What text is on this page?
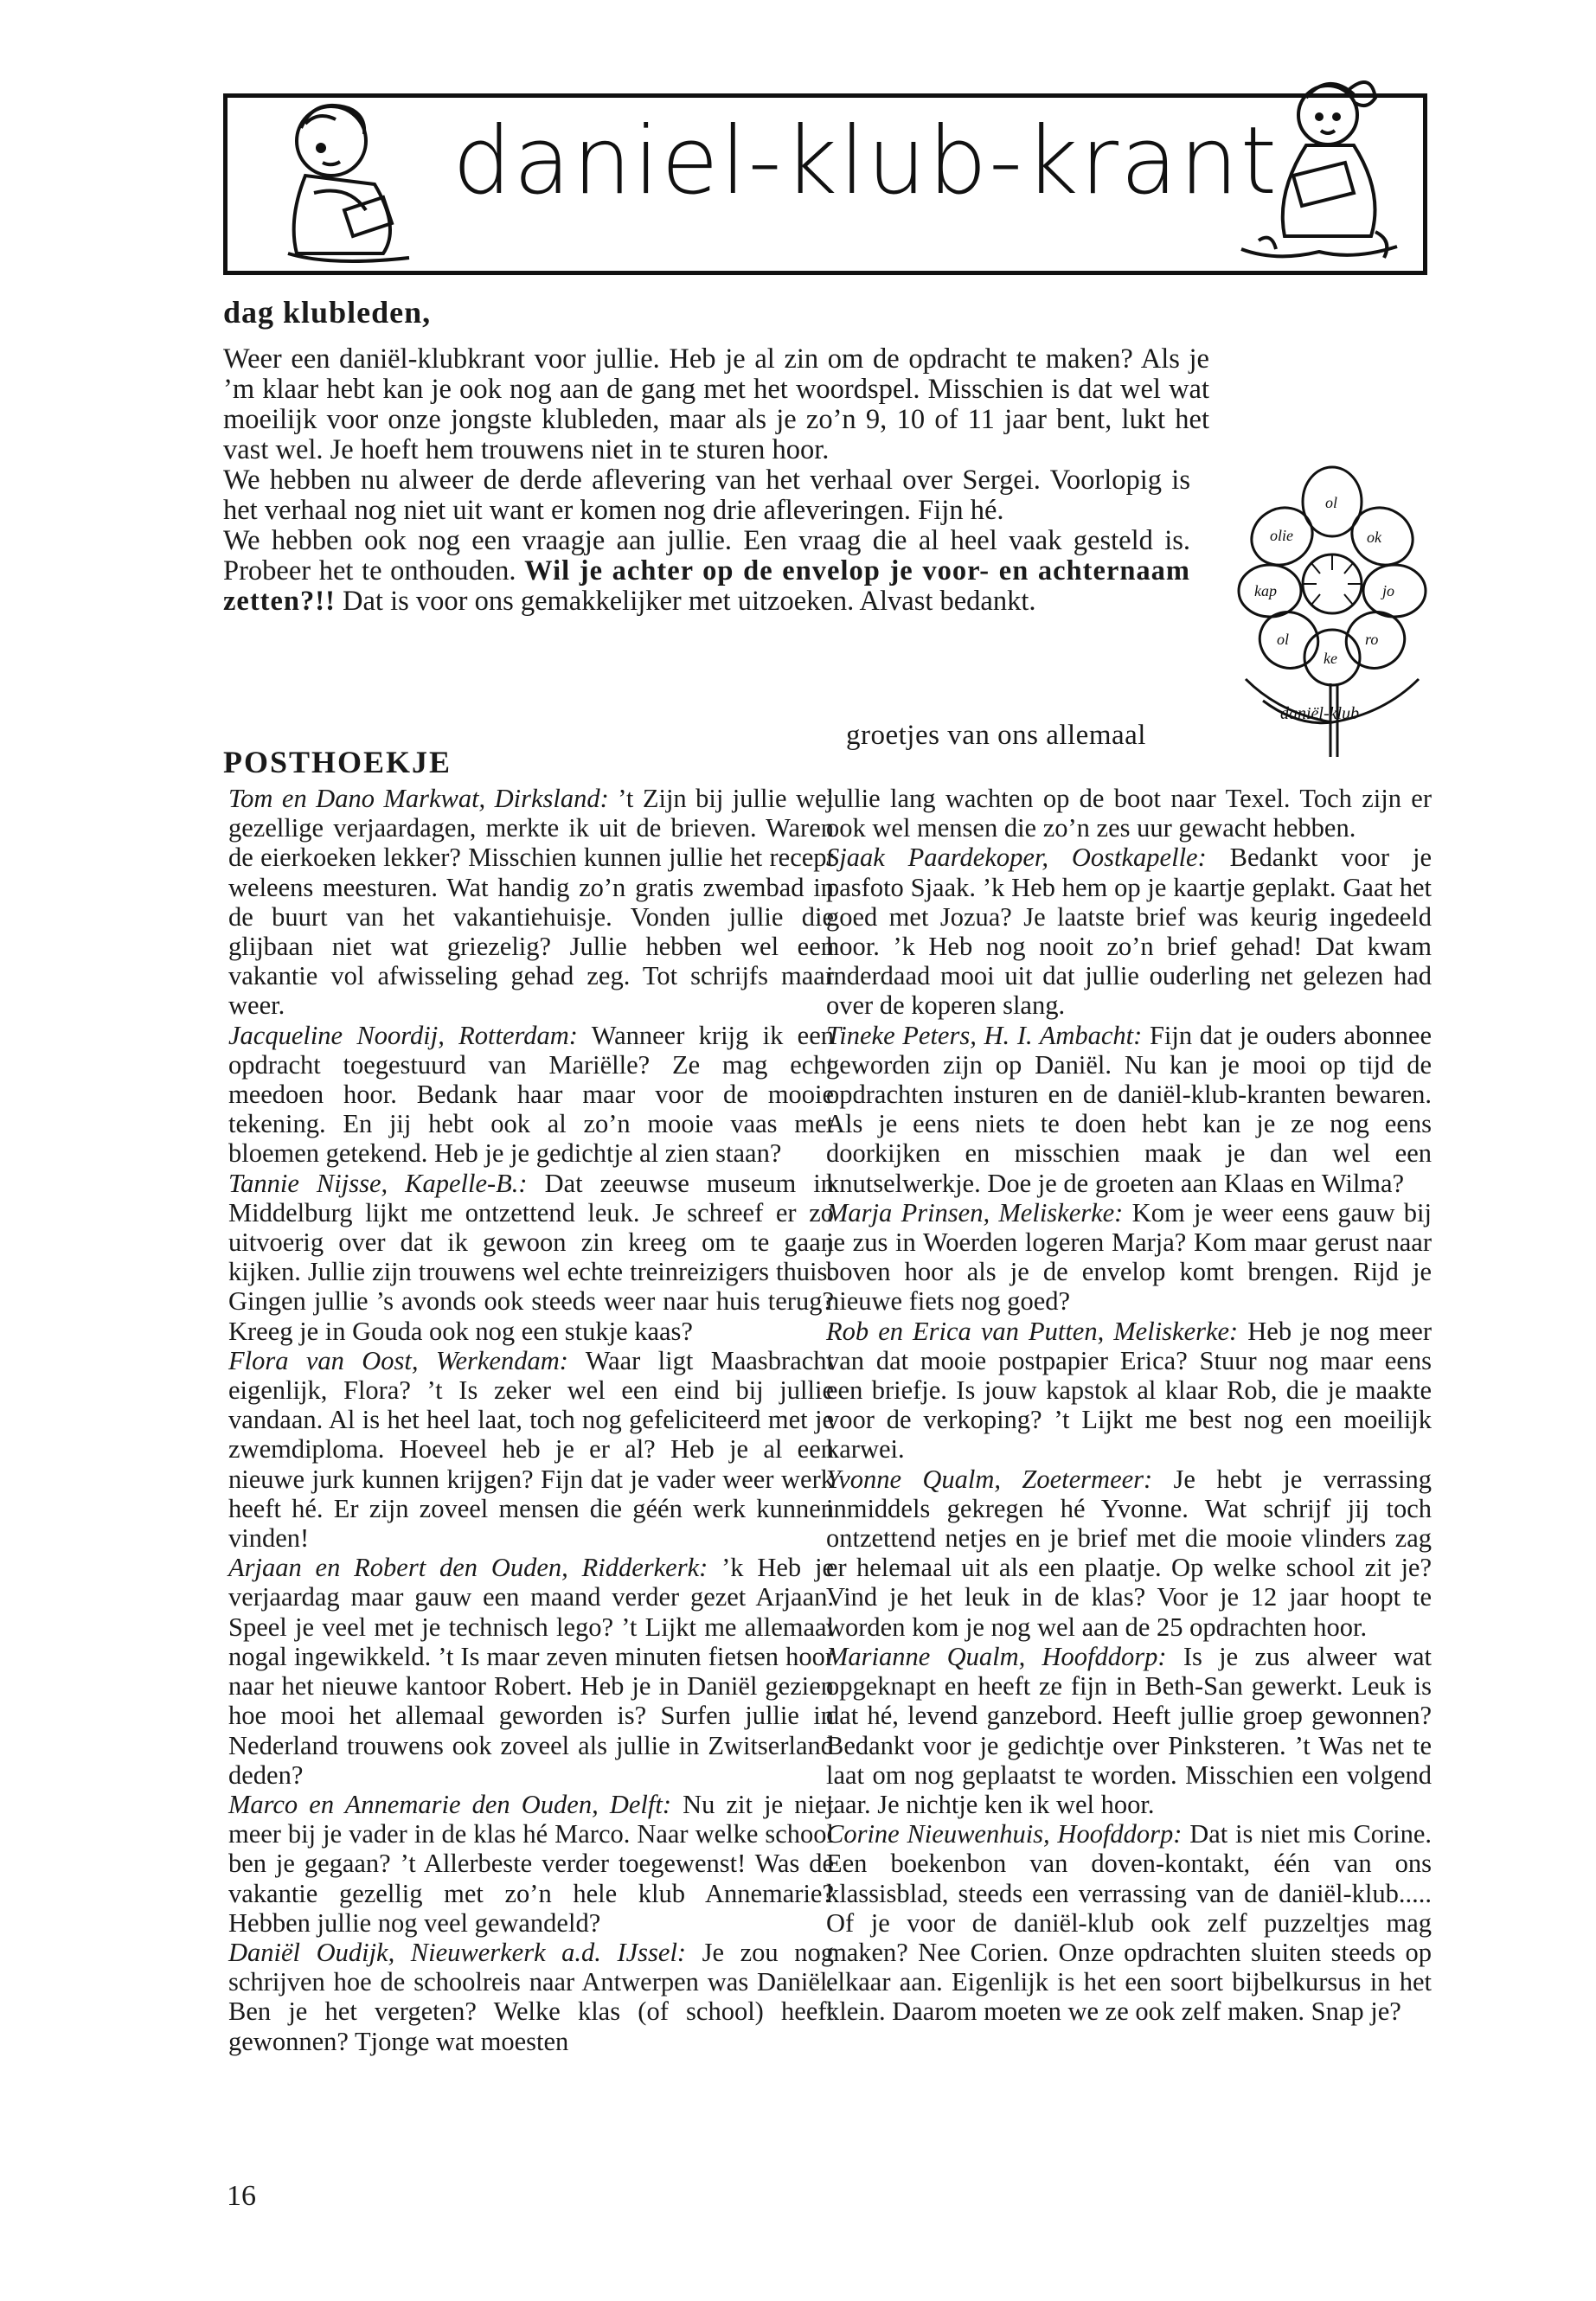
daniel-klub-krant
dag klubleden,

Weer een daniël-klubkrant voor jullie. Heb je al zin om de opdracht te maken? Als je ’m klaar hebt kan je ook nog aan de gang met het woordspel. Misschien is dat wel wat moeilijk voor onze jongste klubleden, maar als je zo’n 9, 10 of 11 jaar bent, lukt het vast wel. Je hoeft hem trouwens niet in te sturen hoor.

We hebben nu alweer de derde aflevering van het verhaal over Sergei. Voorlopig is het verhaal nog niet uit want er komen nog drie afleveringen. Fijn hé.

We hebben ook nog een vraagje aan jullie. Een vraag die al heel vaak gesteld is. Probeer het te onthouden. Wil je achter op de envelop je voor- en achternaam zetten?!! Dat is voor ons gemakkelijker met uitzoeken. Alvast bedankt.

groetjes van ons allemaal
ol
olie	ok
kap	jo
ol	ro
ke
daniël-klub
POSTHOEKJE

Tom en Dano Markwat, Dirksland: ’t Zijn bij jullie wel gezellige verjaardagen, merkte ik uit de brieven. Waren de eierkoeken lekker? Misschien kunnen jullie het recept weleens meesturen. Wat handig zo’n gratis zwembad in de buurt van het vakantiehuisje. Vonden jullie die glijbaan niet wat griezelig? Jullie hebben wel een vakantie vol afwisseling gehad zeg. Tot schrijfs maar weer.

Jacqueline Noordij, Rotterdam: Wanneer krijg ik een opdracht toegestuurd van Mariëlle? Ze mag echt meedoen hoor. Bedank haar maar voor de mooie tekening. En jij hebt ook al zo’n mooie vaas met bloemen getekend. Heb je je gedichtje al zien staan?

Tannie Nijsse, Kapelle-B.: Dat zeeuwse museum in Middelburg lijkt me ontzettend leuk. Je schreef er zo uitvoerig over dat ik gewoon zin kreeg om te gaan kijken. Jullie zijn trouwens wel echte treinreizigers thuis. Gingen jullie ’s avonds ook steeds weer naar huis terug? Kreeg je in Gouda ook nog een stukje kaas?

Flora van Oost, Werkendam: Waar ligt Maasbracht eigenlijk, Flora? ’t Is zeker wel een eind bij jullie vandaan. Al is het heel laat, toch nog gefeliciteerd met je zwemdiploma. Hoeveel heb je er al? Heb je al een nieuwe jurk kunnen krijgen? Fijn dat je vader weer werk heeft hé. Er zijn zoveel mensen die géén werk kunnen vinden!

Arjaan en Robert den Ouden, Ridderkerk: ’k Heb je verjaardag maar gauw een maand verder gezet Arjaan. Speel je veel met je technisch lego? ’t Lijkt me allemaal nogal ingewikkeld. ’t Is maar zeven minuten fietsen hoor naar het nieuwe kantoor Robert. Heb je in Daniël gezien hoe mooi het allemaal geworden is? Surfen jullie in Nederland trouwens ook zoveel als jullie in Zwitserland deden?

Marco en Annemarie den Ouden, Delft: Nu zit je niet meer bij je vader in de klas hé Marco. Naar welke school ben je gegaan? ’t Allerbeste verder toegewenst! Was de vakantie gezellig met zo’n hele klub Annemarie? Hebben jullie nog veel gewandeld?

Daniël Oudijk, Nieuwerkerk a.d. IJssel: Je zou nog schrijven hoe de schoolreis naar Antwerpen was Daniël. Ben je het vergeten? Welke klas (of school) heeft gewonnen? Tjonge wat moesten

jullie lang wachten op de boot naar Texel. Toch zijn er ook wel mensen die zo’n zes uur gewacht hebben.

Sjaak Paardekoper, Oostkapelle: Bedankt voor je pasfoto Sjaak. ’k Heb hem op je kaartje geplakt. Gaat het goed met Jozua? Je laatste brief was keurig ingedeeld hoor. ’k Heb nog nooit zo’n brief gehad! Dat kwam inderdaad mooi uit dat jullie ouderling net gelezen had over de koperen slang.

Tineke Peters, H. I. Ambacht: Fijn dat je ouders abonnee geworden zijn op Daniël. Nu kan je mooi op tijd de opdrachten insturen en de daniël-klub-kranten bewaren. Als je eens niets te doen hebt kan je ze nog eens doorkijken en misschien maak je dan wel een knutselwerkje. Doe je de groeten aan Klaas en Wilma?

Marja Prinsen, Meliskerke: Kom je weer eens gauw bij je zus in Woerden logeren Marja? Kom maar gerust naar boven hoor als je de envelop komt brengen. Rijd je nieuwe fiets nog goed?

Rob en Erica van Putten, Meliskerke: Heb je nog meer van dat mooie postpapier Erica? Stuur nog maar eens een briefje. Is jouw kapstok al klaar Rob, die je maakte voor de verkoping? ’t Lijkt me best nog een moeilijk karwei.

Yvonne Qualm, Zoetermeer: Je hebt je verrassing inmiddels gekregen hé Yvonne. Wat schrijf jij toch ontzettend netjes en je brief met die mooie vlinders zag er helemaal uit als een plaatje. Op welke school zit je? Vind je het leuk in de klas? Voor je 12 jaar hoopt te worden kom je nog wel aan de 25 opdrachten hoor.

Marianne Qualm, Hoofddorp: Is je zus alweer wat opgeknapt en heeft ze fijn in Beth-San gewerkt. Leuk is dat hé, levend ganzebord. Heeft jullie groep gewonnen? Bedankt voor je gedichtje over Pinksteren. ’t Was net te laat om nog geplaatst te worden. Misschien een volgend jaar. Je nichtje ken ik wel hoor.

Corine Nieuwenhuis, Hoofddorp: Dat is niet mis Corine. Een boekenbon van doven-kontakt, één van ons klassisblad, steeds een verrassing van de daniël-klub..... Of je voor de daniël-klub ook zelf puzzeltjes mag maken? Nee Corien. Onze opdrachten sluiten steeds op elkaar aan. Eigenlijk is het een soort bijbelkursus in het klein. Daarom moeten we ze ook zelf maken. Snap je?

16
